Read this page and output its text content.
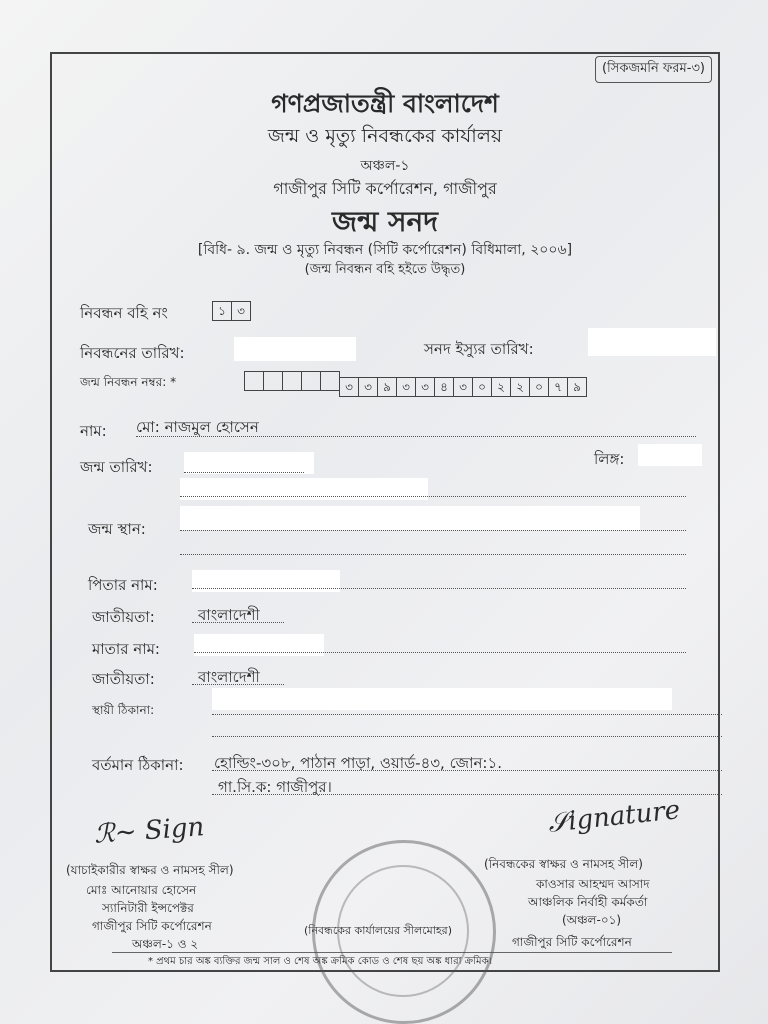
(সিকজমনি ফরম-৩)
গণপ্রজাতন্ত্রী বাংলাদেশ
জন্ম ও মৃত্যু নিবন্ধকের কার্যালয়
অঞ্চল-১
গাজীপুর সিটি কর্পোরেশন, গাজীপুর
জন্ম সনদ
[বিধি- ৯. জন্ম ও মৃত্যু নিবন্ধন (সিটি কর্পোরেশন) বিধিমালা, ২০০৬]
(জন্ম নিবন্ধন বহি হইতে উদ্ধৃত)
নিবন্ধন বহি নং	১ ৩
নিবন্ধনের তারিখ:	সনদ ইস্যুর তারিখ:
জন্ম নিবন্ধন নম্বর: *	৩ ৩ ৯ ৩ ৩ ৪ ৩ ০ ২ ২ ০ ৭ ৯
নাম: মো: নাজমুল হোসেন
জন্ম তারিখ:	লিঙ্গ:
জন্ম স্থান:
পিতার নাম:
জাতীয়তা:	বাংলাদেশী
মাতার নাম:
জাতীয়তা:	বাংলাদেশী
স্থায়ী ঠিকানা:
বর্তমান ঠিকানা: হোল্ডিং-৩০৮, পাঠান পাড়া, ওয়ার্ড-৪৩, জোন:১.
গা.সি.ক: গাজীপুর।
ℛ~ Sign
(যাচাইকারীর স্বাক্ষর ও নামসহ সীল)
মোঃ আনোয়ার হোসেন
স্যানিটারী ইন্সপেক্টর
গাজীপুর সিটি কর্পোরেশন
অঞ্চল-১ ও ২
𝒮ignature
(নিবন্ধকের স্বাক্ষর ও নামসহ সীল)
কাওসার আহম্মদ আসাদ
আঞ্চলিক নির্বাহী কর্মকর্তা
(অঞ্চল-০১)
গাজীপুর সিটি কর্পোরেশন
(নিবন্ধকের কার্যালয়ের সীলমোহর)
* প্রথম চার অঙ্ক ব্যক্তির জন্ম সাল ও শেষ অঙ্ক ক্রমিক কোড ও শেষ ছয় অঙ্ক ধারা ক্রমিক।
